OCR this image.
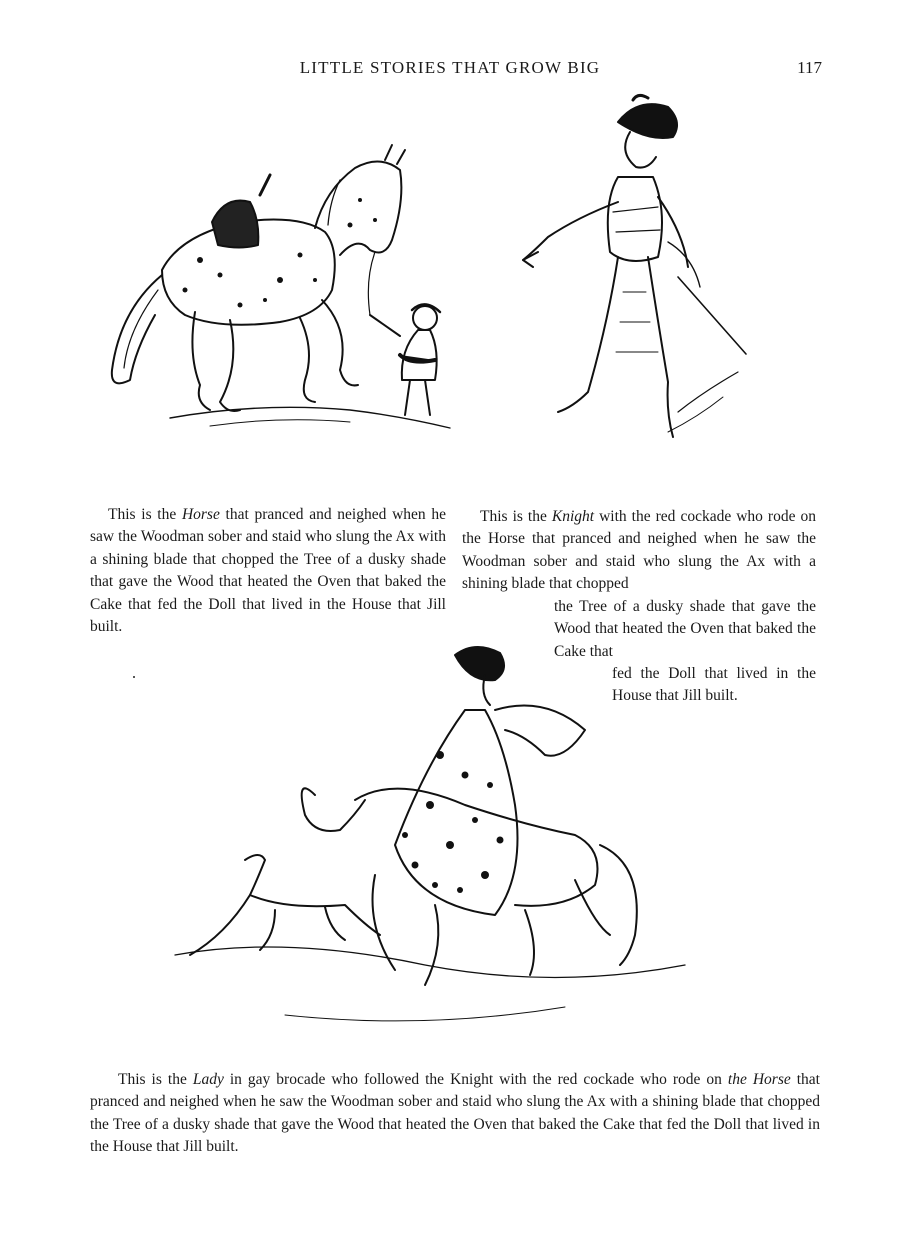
LITTLE STORIES THAT GROW BIG	117

This is the Horse that pranced and neighed when he saw the Woodman sober and staid who slung the Ax with a shining blade that chopped the Tree of a dusky shade that gave the Wood that heated the Oven that baked the Cake that fed the Doll that lived in the House that Jill built.

This is the Knight with the red cockade who rode on the Horse that pranced and neighed when he saw the Woodman sober and staid who slung the Ax with a shining blade that chopped

the Tree of a dusky shade that gave the Wood that heated the Oven that baked the Cake that

fed the Doll that lived in the House that Jill built.

This is the Lady in gay brocade who followed the Knight with the red cockade who rode on the Horse that pranced and neighed when he saw the Woodman sober and staid who slung the Ax with a shining blade that chopped the Tree of a dusky shade that gave the Wood that heated the Oven that baked the Cake that fed the Doll that lived in the House that Jill built.
